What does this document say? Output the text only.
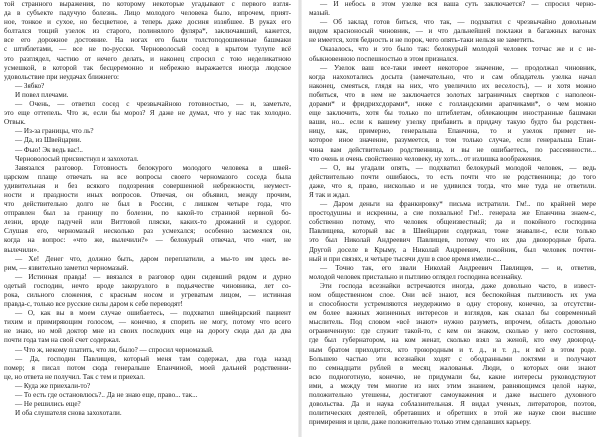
той странного выражения, по которому некоторые угадывают с первого взгля-
да в субъекте падучую болезнь. Лицо молодого человека было, впрочем, прият-
ное, тонкое и сухое, но бесцветное, а теперь даже досиня иззябшее. В руках его
болтался тощий узелок из старого, полинялого фуляра*, заключавший, кажется,
все его дорожное достояние. На ногах его были толстоподошвенные башмаки
с штиблетами, — все не по-русски. Черноволосый сосед в крытом тулупе всё
это разглядел, частию от нечего делать, и наконец спросил с тою неделикатною
усмешкой, в которой так бесцеремонно и небрежно выражается иногда людское
удовольствие при неудачах ближнего:
— Зябко?
И повел плечами.
— Очень, — ответил сосед с чрезвычайною готовностью, — и, заметьте,
это еще оттепель. Что ж, если бы мороз? Я даже не думал, что у нас так холодно.
Отвык.
— Из-за границы, что ль?
— Да, из Швейцарии.
— Фью! Эк ведь вас!..
Черноволосый присвистнул и захохотал.
Завязался разговор. Готовность белокурого молодого человека в швей-
царском плаще отвечать на все вопросы своего черномазого соседа была
удивительная и без всякого подозрения совершенной небрежности, неумест-
ности и праздности иных вопросов. Отвечая, он объявил, между прочим,
что действительно долго не был в России, с лишком четыре года, что
отправлен был за границу по болезни, по какой-то странной нервной бо-
лезни, вроде падучей или Виттовой пляски, каких-то дрожаний и судорог.
Слушая его, черномазый несколько раз усмехался; особенно засмеялся он,
когда на вопрос: «что же, вылечили?» — белокурый отвечал, что «нет, не
вылечили».
— Хе! Денег что, должно быть, даром переплатили, а мы-то им здесь ве-
рим, — язвительно заметил черномазый.
— Истинная правда! — ввязался в разговор один сидевший рядом и дурно
одетый господин, нечто вроде закорузлого в подьячестве чиновника, лет со-
рока, сильного сложения, с красным носом и угреватым лицом, — истинная
правда-с, только все русские силы даром к себе переводят!
— О, как вы в моем случае ошибаетесь, — подхватил швейцарский пациент
тихим и примиряющим голосом, — конечно, я спорить не могу, потому что всего
не знаю, но мой доктор мне из своих последних еще на дорогу сюда дал да два
почти года там на свой счет содержал.
— Что ж, некому платить, что ли, было? — спросил черномазый.
— Да, господин Павлищев, который меня там содержал, два года назад
помер; я писал потом сюда генеральше Епанчиной, моей дальней родственни-
це, но ответа не получил. Так с тем и приехал.
— Куда же приехали-то?
— То есть где остановлюсь?.. Да не знаю еще, право... так...
— Не решились еще?
И оба слушателя снова захохотали.
— И небось в этом узелке вся ваша суть заключается? — спросил черно-
мазый.
— Об заклад готов биться, что так, — подхватил с чрезвычайно довольным
видом красноносый чиновник, — и что дальнейшей поклажи в багажных вагонах
не имеется, хотя бедность и не порок, чего опять-таки нельзя не заметить.
Оказалось, что и это было так: белокурый молодой человек тотчас же и с не-
обыкновенною поспешностью в этом признался.
— Узелок ваш все-таки имеет некоторое значение, — продолжал чиновник,
когда нахохотались досыта (замечательно, что и сам обладатель узелка начал
наконец, смеяться, глядя на них, что увеличило их веселость), — и хотя можно
побиться, что в нем не заключается золотых заграничных свертков с наполеон-
дорами* и фридрихсдорами*, ниже с голландскими арапчиками*, о чем можно
еще заключить, хотя бы только по штиблетам, облекающим иностранные башмаки
ваши, но... если к вашему узелку прибавить в придачу такую будто бы родствен-
ницу, как, примерно, генеральша Епанчина, то и узелок примет не-
которое иное значение, разумеется, в том только случае, если генеральша Епан-
чина вам действительно родственница, и вы не ошибаетесь, по рассеянности...
что очень и очень свойственно человеку, ну хоть... от излишка воображения.
— О, вы угадали опять, — подхватил белокурый молодой человек, — ведь
действительно почти ошибаюсь, то есть почти что не родственница; до того
даже, что я, право, нисколько и не удивился тогда, что мне туда не ответили.
Я так и ждал.
— Даром деньги на франкировку* письма истратили. Гм!.. по крайней мере
простодушны и искренны, а сие похвально! Гм!.. генерала же Епанчина знаем-с,
собственно потому, что человек общеизвестный; да и покойного господина
Павлищева, который вас в Швейцарии содержал, тоже знавали-с, если только
это был Николай Андреевич Павлищев, потому что их два двоюродные брата.
Другой доселе в Крыму, а Николай Андреевич, покойник, был человек почтен-
ный и при связях, и четыре тысячи душ в свое время имели-с...
— Точно так, его звали Николай Андреевич Павлищев, — и, ответив,
молодой человек пристально и пытливо оглядел господина всезнайку.
Эти господа всезнайки встречаются иногда, даже довольно часто, в извест-
ном общественном слое. Они всё знают, вся беспокойная пытливость их ума
и способности устремляются неудержимо в одну сторону, конечно, за отсутстви-
ем более важных жизненных интересов и взглядов, как сказал бы современный
мыслитель. Под словом «всё знают» нужно разуметь, впрочем, область довольно
ограниченную: где служит такой-то, с кем он знаком, сколько у него состояния,
где был губернатором, на ком женат, сколько взял за женой, кто ему двоюрод-
ным братом приходится, кто троюродным и т. д., и т. д., и всё в этом роде.
Большею частью эти всезнайки ходят с ободранными локтями и получают
по семнадцати рублей в месяц жалованья. Люди, о которых они знают
всю подноготную, конечно, не придумали бы, какие интересы руководствуют
ими, а между тем многие из них этим знанием, равняющимся целой науке,
положительно утешены, достигают самоуважения и даже высшего духовного
довольства. Да и наука соблазнительная. Я видал ученых, литераторов, поэтов,
политических деятелей, обретавших и обретших в этой же науке свои высшие
примирения и цели, даже положительно только этим сделавших карьеру.
